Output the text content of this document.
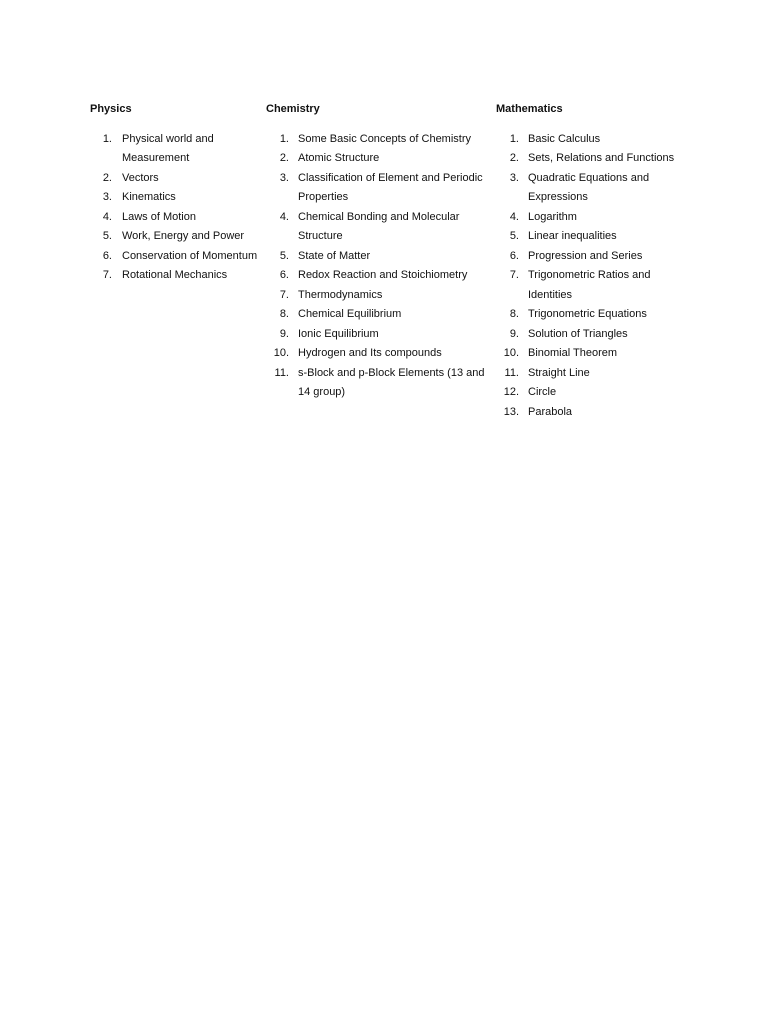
Physics
1. Physical world and Measurement
2. Vectors
3. Kinematics
4. Laws of Motion
5. Work, Energy and Power
6. Conservation of Momentum
7. Rotational Mechanics
Chemistry
1. Some Basic Concepts of Chemistry
2. Atomic Structure
3. Classification of Element and Periodic Properties
4. Chemical Bonding and Molecular Structure
5. State of Matter
6. Redox Reaction and Stoichiometry
7. Thermodynamics
8. Chemical Equilibrium
9. Ionic Equilibrium
10. Hydrogen and Its compounds
11. s-Block and p-Block Elements (13 and 14 group)
Mathematics
1. Basic Calculus
2. Sets, Relations and Functions
3. Quadratic Equations and Expressions
4. Logarithm
5. Linear inequalities
6. Progression and Series
7. Trigonometric Ratios and Identities
8. Trigonometric Equations
9. Solution of Triangles
10. Binomial Theorem
11. Straight Line
12. Circle
13. Parabola
